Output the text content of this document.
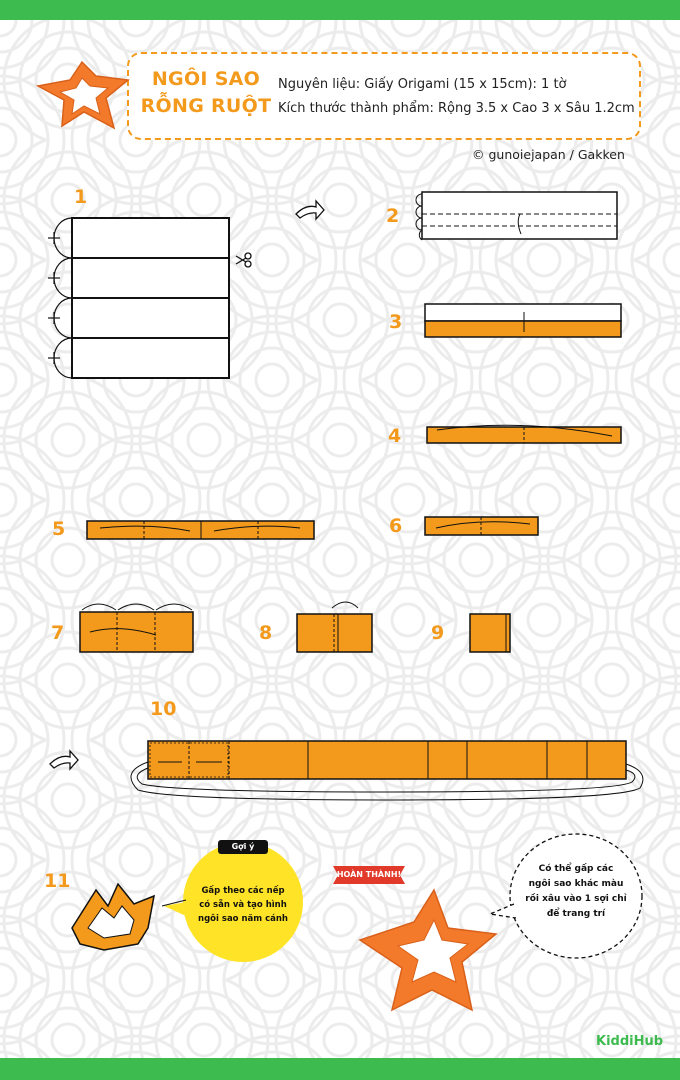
NGÔI SAO
RỖNG RUỘT
Nguyên liệu: Giấy Origami (15 x 15cm): 1 tờ
Kích thước thành phẩm: Rộng 3.5 x Cao 3 x Sâu 1.2cm
© gunoiejapan / Gakken
1
2
3
4
5	6
7	8	9
10
11
Gợi ý
Gấp theo các nếp
có sẵn và tạo hình
ngôi sao năm cánh
HOÀN THÀNH!
Có thể gấp các
ngôi sao khác màu
rồi xâu vào 1 sợi chỉ
để trang trí
KiddiHub
